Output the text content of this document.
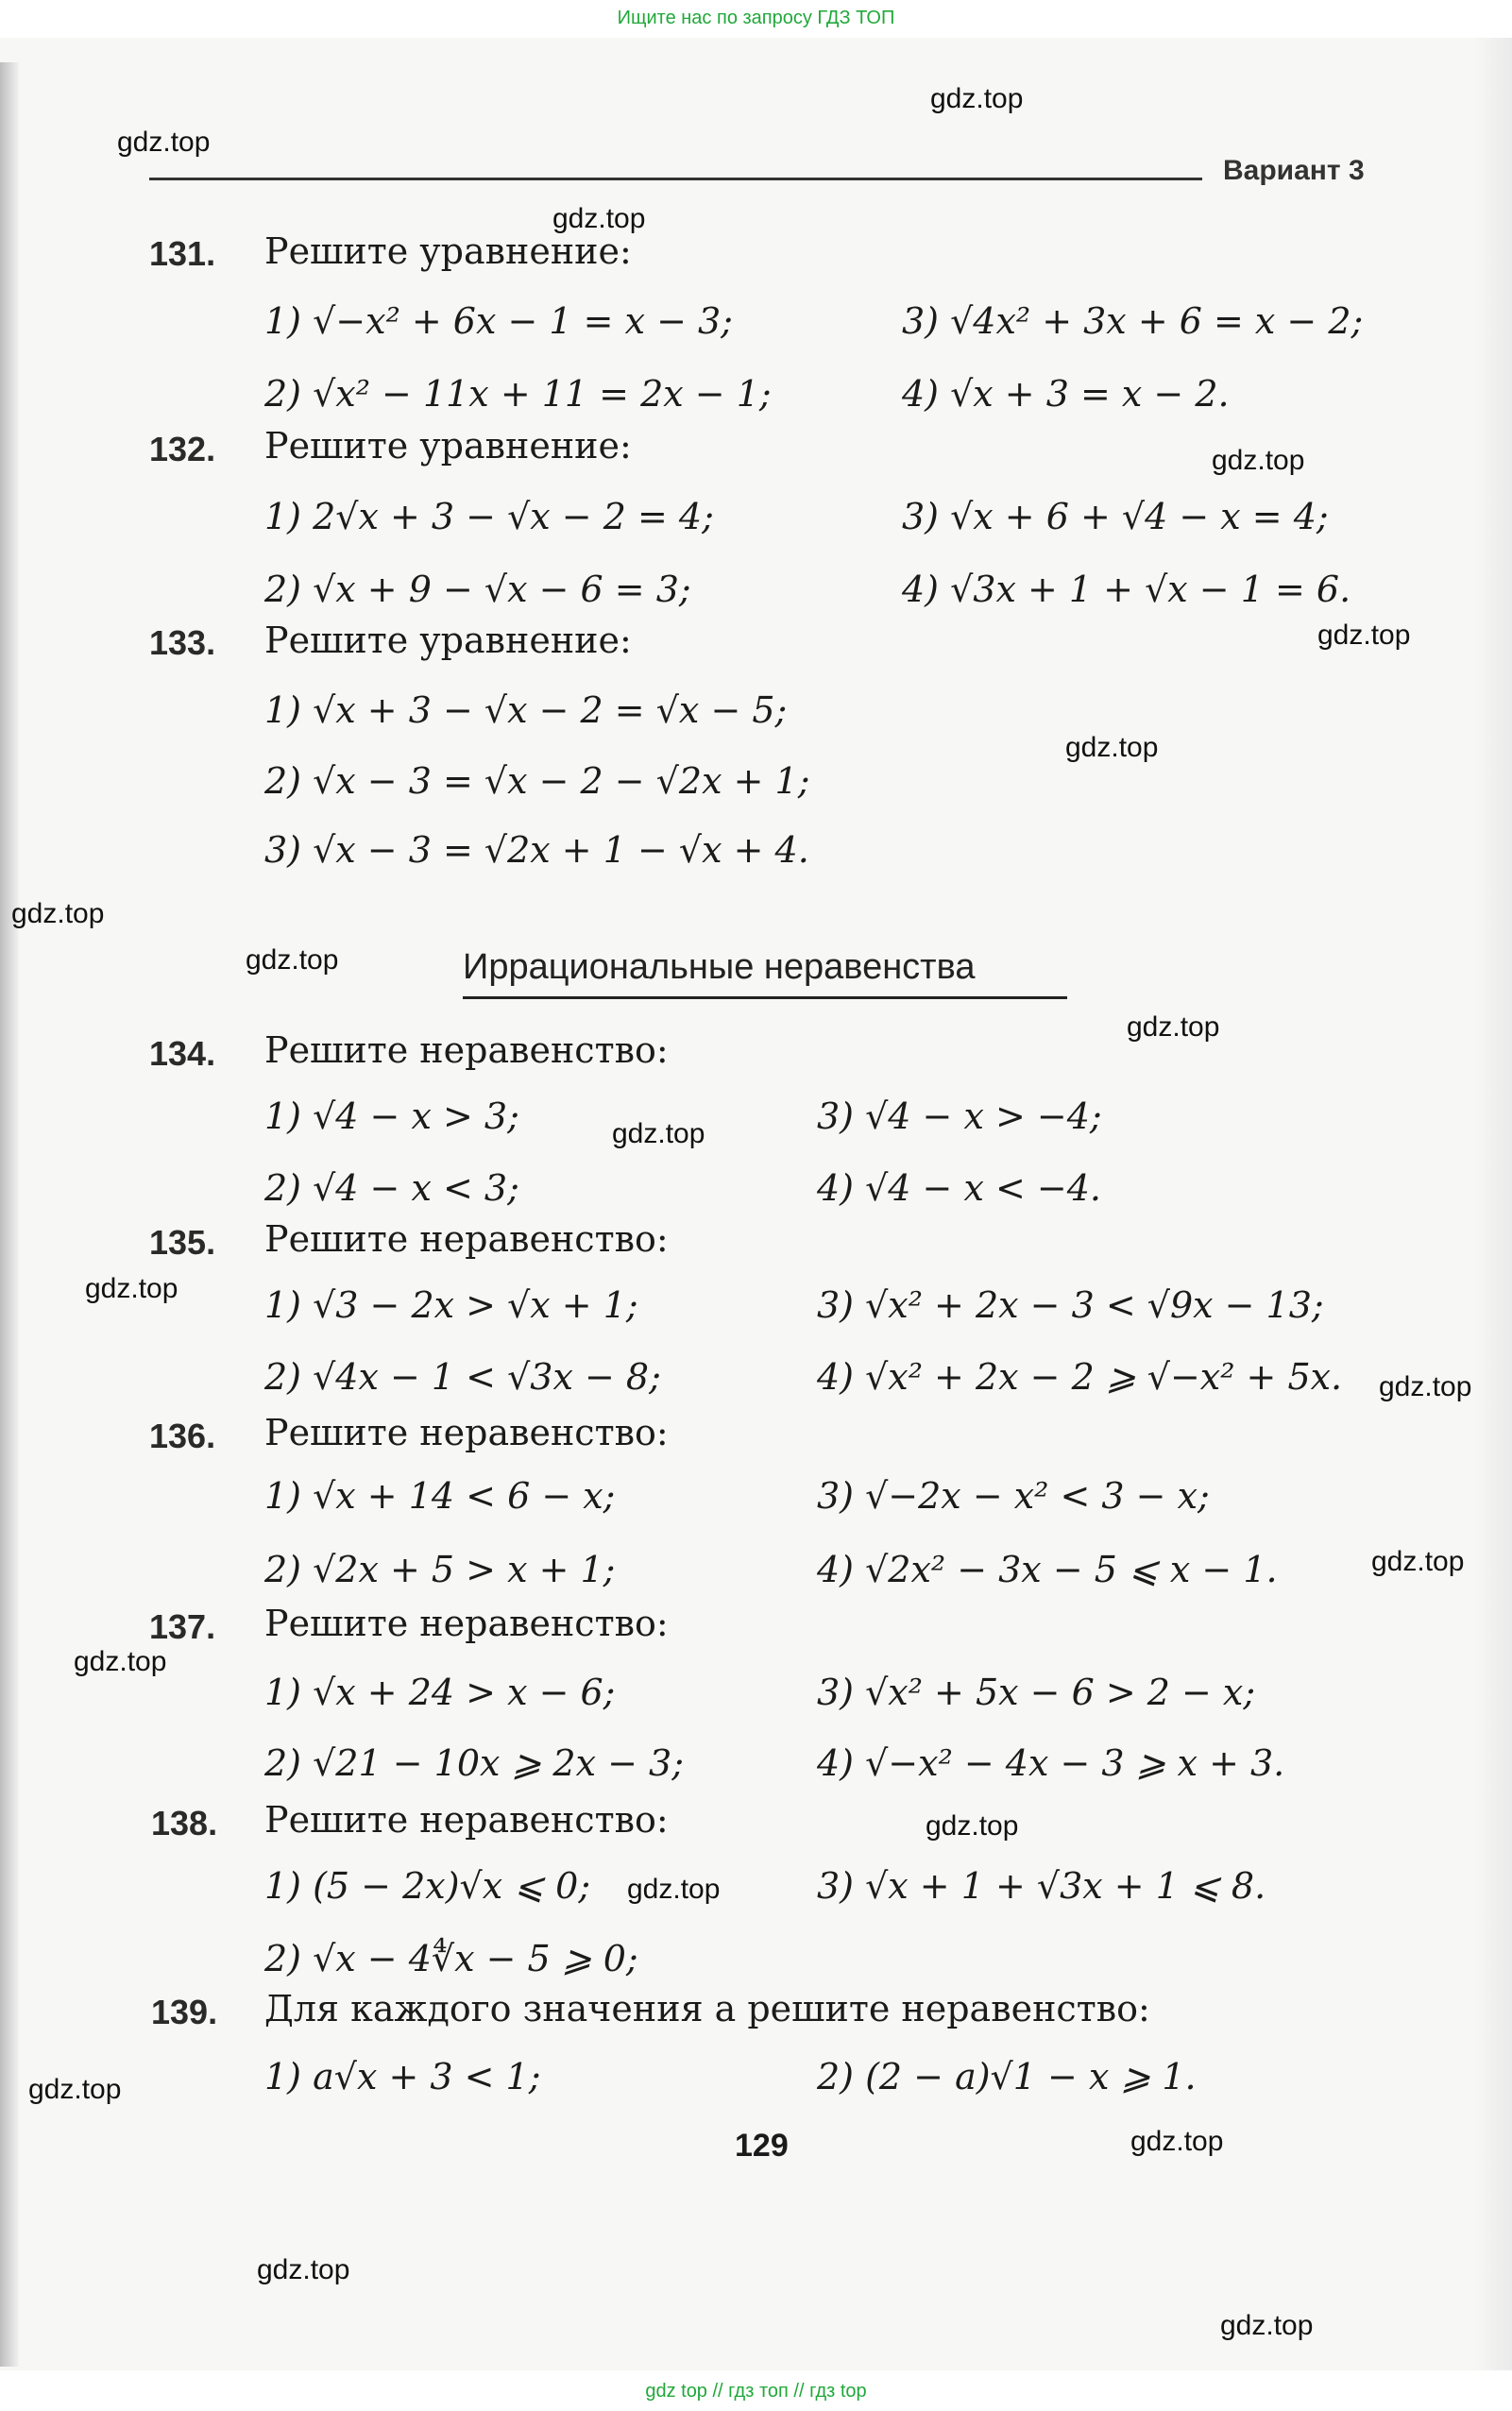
Ищите нас по запросу ГДЗ ТОП
gdz.top
gdz.top
gdz.top
gdz.top
gdz.top
gdz.top
gdz.top
gdz.top
gdz.top
gdz.top
gdz.top
gdz.top
gdz.top
gdz.top
gdz.top
gdz.top
gdz.top
gdz.top
gdz.top
gdz.top
Вариант 3
131. Решите уравнение:
1) √−x² + 6x − 1 = x − 3;	3) √4x² + 3x + 6 = x − 2;
2) √x² − 11x + 11 = 2x − 1;	4) √x + 3 = x − 2.
132. Решите уравнение:
1) 2√x + 3 − √x − 2 = 4;	3) √x + 6 + √4 − x = 4;
2) √x + 9 − √x − 6 = 3;	4) √3x + 1 + √x − 1 = 6.
133. Решите уравнение:
1) √x + 3 − √x − 2 = √x − 5;
2) √x − 3 = √x − 2 − √2x + 1;
3) √x − 3 = √2x + 1 − √x + 4.
Иррациональные неравенства
134. Решите неравенство:
1) √4 − x > 3;	3) √4 − x > −4;
2) √4 − x < 3;	4) √4 − x < −4.
135. Решите неравенство:
1) √3 − 2x > √x + 1;	3) √x² + 2x − 3 < √9x − 13;
2) √4x − 1 < √3x − 8;	4) √x² + 2x − 2 ⩾ √−x² + 5x.
136. Решите неравенство:
1) √x + 14 < 6 − x;	3) √−2x − x² < 3 − x;
2) √2x + 5 > x + 1;	4) √2x² − 3x − 5 ⩽ x − 1.
137. Решите неравенство:
1) √x + 24 > x − 6;	3) √x² + 5x − 6 > 2 − x;
2) √21 − 10x ⩾ 2x − 3;	4) √−x² − 4x − 3 ⩾ x + 3.
138. Решите неравенство:
1) (5 − 2x)√x ⩽ 0;	3) √x + 1 + √3x + 1 ⩽ 8.
2) √x − 4∜x − 5 ⩾ 0;
139. Для каждого значения a решите неравенство:
1) a√x + 3 < 1;	2) (2 − a)√1 − x ⩾ 1.
129
gdz top // гдз топ // гдз top
